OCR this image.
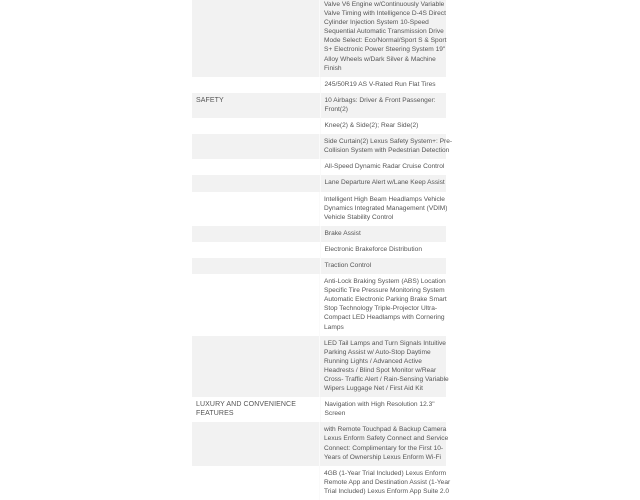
Valve V6 Engine w/Continuously Variable
Valve Timing with Intelligence D-4S Direct
Cylinder Injection System 10-Speed
Sequential Automatic Transmission Drive
Mode Select: Eco/Normal/Sport S & Sport
S+ Electronic Power Steering System 19"
Alloy Wheels w/Dark Silver & Machine
Finish
245/50R19 AS V-Rated Run Flat Tires
SAFETY	10 Airbags: Driver & Front Passenger:
Front(2)
Knee(2) & Side(2); Rear Side(2)
Side Curtain(2) Lexus Safety System+: Pre-
Collision System with Pedestrian Detection
All-Speed Dynamic Radar Cruise Control
Lane Departure Alert w/Lane Keep Assist
Intelligent High Beam Headlamps Vehicle
Dynamics Integrated Management (VDIM)
Vehicle Stability Control
Brake Assist
Electronic Brakeforce Distribution
Traction Control
Anti-Lock Braking System (ABS) Location
Specific Tire Pressure Monitoring System
Automatic Electronic Parking Brake Smart
Stop Technology Triple-Projector Ultra-
Compact LED Headlamps with Cornering
Lamps
LED Tail Lamps and Turn Signals Intuitive
Parking Assist w/ Auto-Stop Daytime
Running Lights / Advanced Active
Headrests / Blind Spot Monitor w/Rear
Cross- Traffic Alert / Rain-Sensing Variable
Wipers Luggage Net / First Aid Kit
LUXURY AND CONVENIENCE FEATURES
Navigation with High Resolution 12.3"
Screen
with Remote Touchpad & Backup Camera
Lexus Enform Safety Connect and Service
Connect: Complimentary for the First 10-
Years of Ownership Lexus Enform Wi-Fi
4GB (1-Year Trial Included) Lexus Enform
Remote App and Destination Assist (1-Year
Trial Included) Lexus Enform App Suite 2.0
